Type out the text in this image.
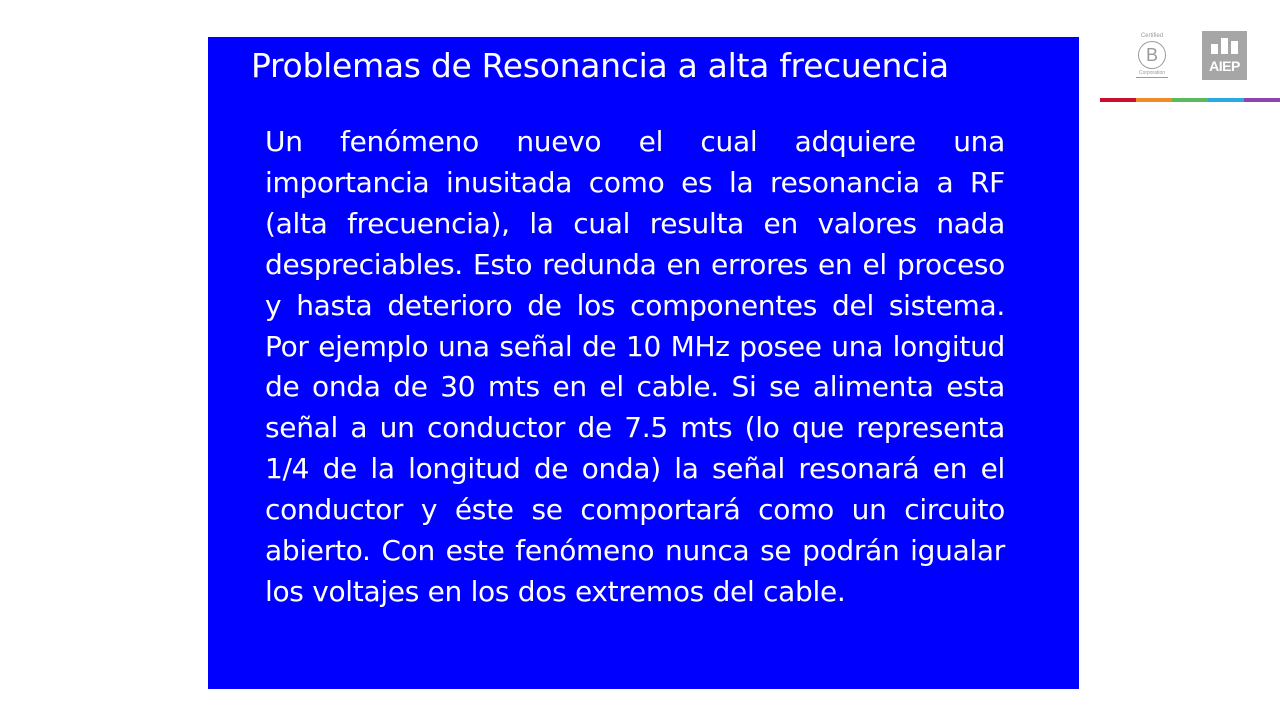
Problemas de Resonancia a alta frecuencia

Un fenómeno nuevo el cual adquiere una importancia inusitada como es la resonancia a RF (alta frecuencia), la cual resulta en valores nada despreciables. Esto redunda en errores en el proceso y hasta deterioro de los componentes del sistema. Por ejemplo una señal de 10 MHz posee una longitud de onda de 30 mts en el cable. Si se alimenta esta señal a un conductor de 7.5 mts (lo que representa 1/4 de la longitud de onda) la señal resonará en el conductor y éste se comportará como un circuito abierto. Con este fenómeno nunca se podrán igualar los voltajes en los dos extremos del cable.

Certified
B
Corporation	AIEP
